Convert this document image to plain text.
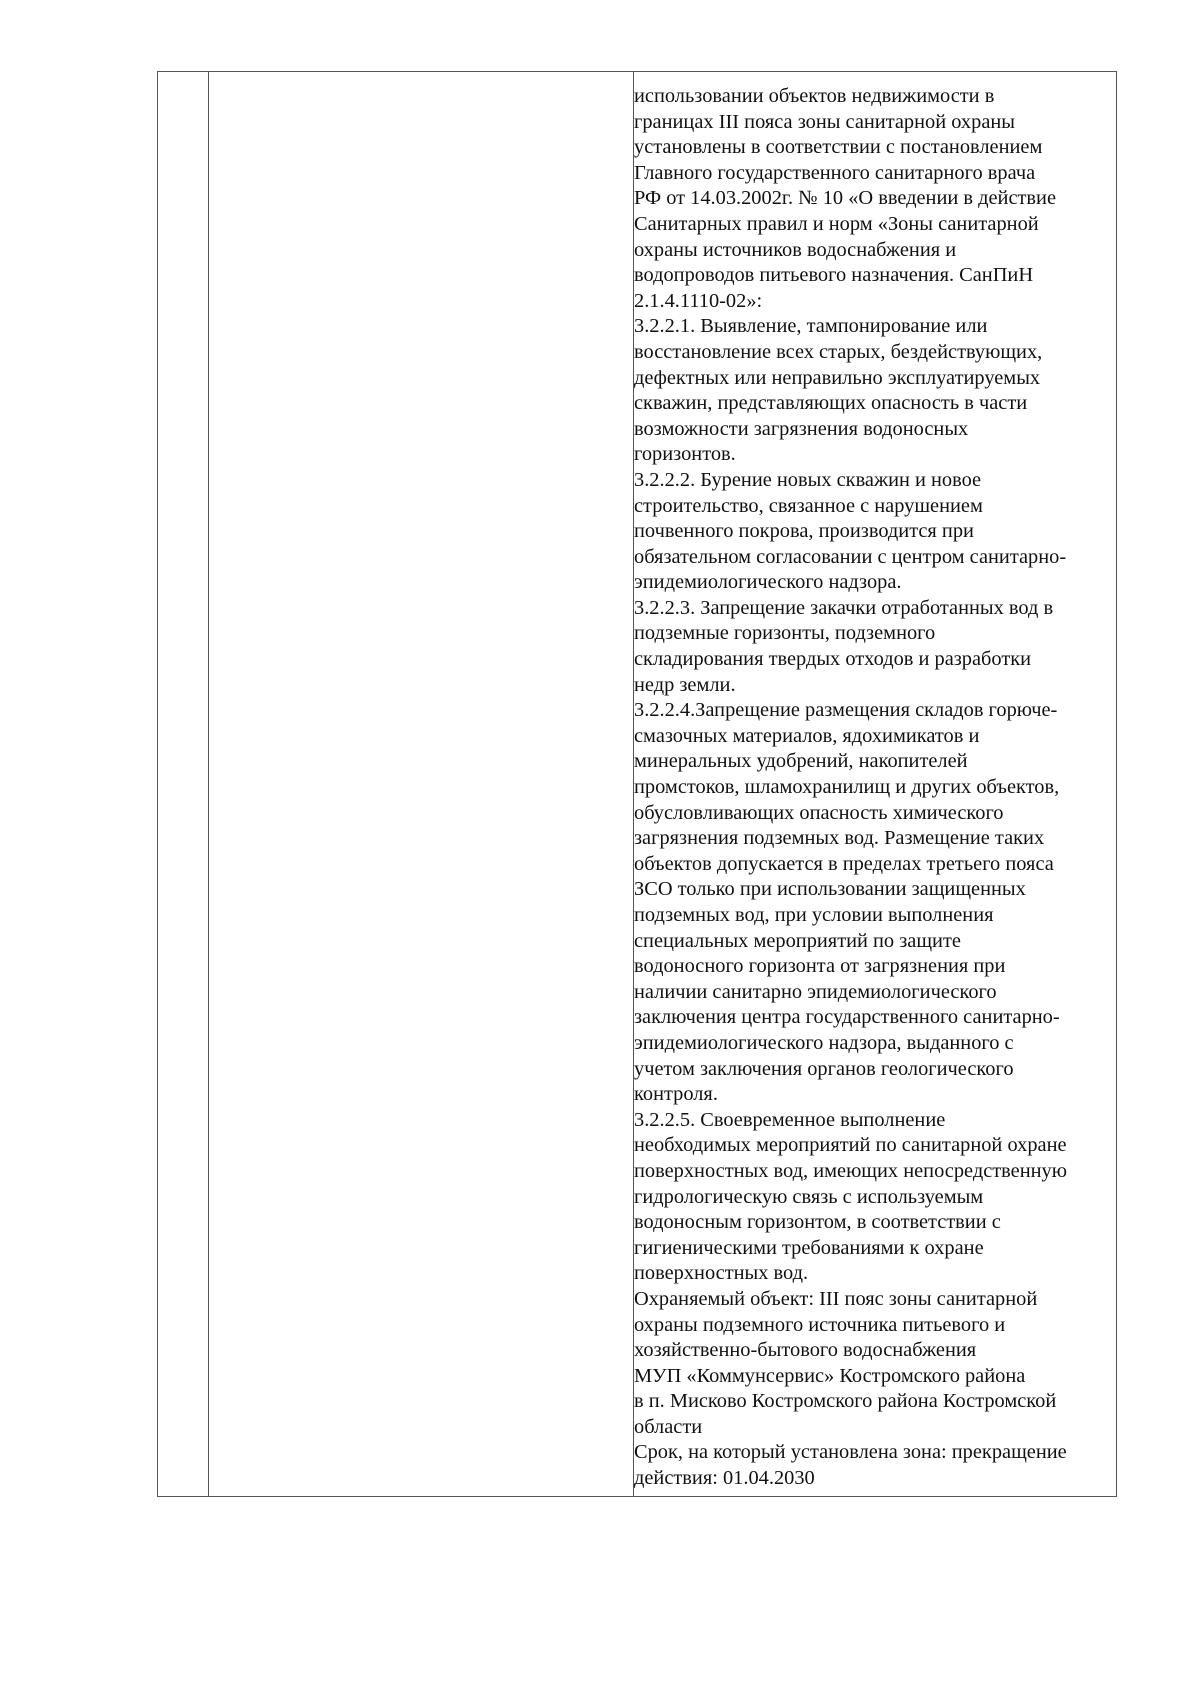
использовании объектов недвижимости в
границах III пояса зоны санитарной охраны
установлены в соответствии с постановлением
Главного государственного санитарного врача
РФ от 14.03.2002г. № 10 «О введении в действие
Санитарных правил и норм «Зоны санитарной
охраны источников водоснабжения и
водопроводов питьевого назначения. СанПиН
2.1.4.1110-02»:
3.2.2.1. Выявление, тампонирование или
восстановление всех старых, бездействующих,
дефектных или неправильно эксплуатируемых
скважин, представляющих опасность в части
возможности загрязнения водоносных
горизонтов.
3.2.2.2. Бурение новых скважин и новое
строительство, связанное с нарушением
почвенного покрова, производится при
обязательном согласовании с центром санитарно-
эпидемиологического надзора.
3.2.2.3. Запрещение закачки отработанных вод в
подземные горизонты, подземного
складирования твердых отходов и разработки
недр земли.
3.2.2.4.Запрещение размещения складов горюче-
смазочных материалов, ядохимикатов и
минеральных удобрений, накопителей
промстоков, шламохранилищ и других объектов,
обусловливающих опасность химического
загрязнения подземных вод. Размещение таких
объектов допускается в пределах третьего пояса
ЗСО только при использовании защищенных
подземных вод, при условии выполнения
специальных мероприятий по защите
водоносного горизонта от загрязнения при
наличии санитарно эпидемиологического
заключения центра государственного санитарно-
эпидемиологического надзора, выданного с
учетом заключения органов геологического
контроля.
3.2.2.5. Своевременное выполнение
необходимых мероприятий по санитарной охране
поверхностных вод, имеющих непосредственную
гидрологическую связь с используемым
водоносным горизонтом, в соответствии с
гигиеническими требованиями к охране
поверхностных вод.
Охраняемый объект: III пояс зоны санитарной
охраны подземного источника питьевого и
хозяйственно-бытового водоснабжения
МУП «Коммунсервис» Костромского района
в п. Мисково Костромского района Костромской
области
Срок, на который установлена зона: прекращение
действия: 01.04.2030
